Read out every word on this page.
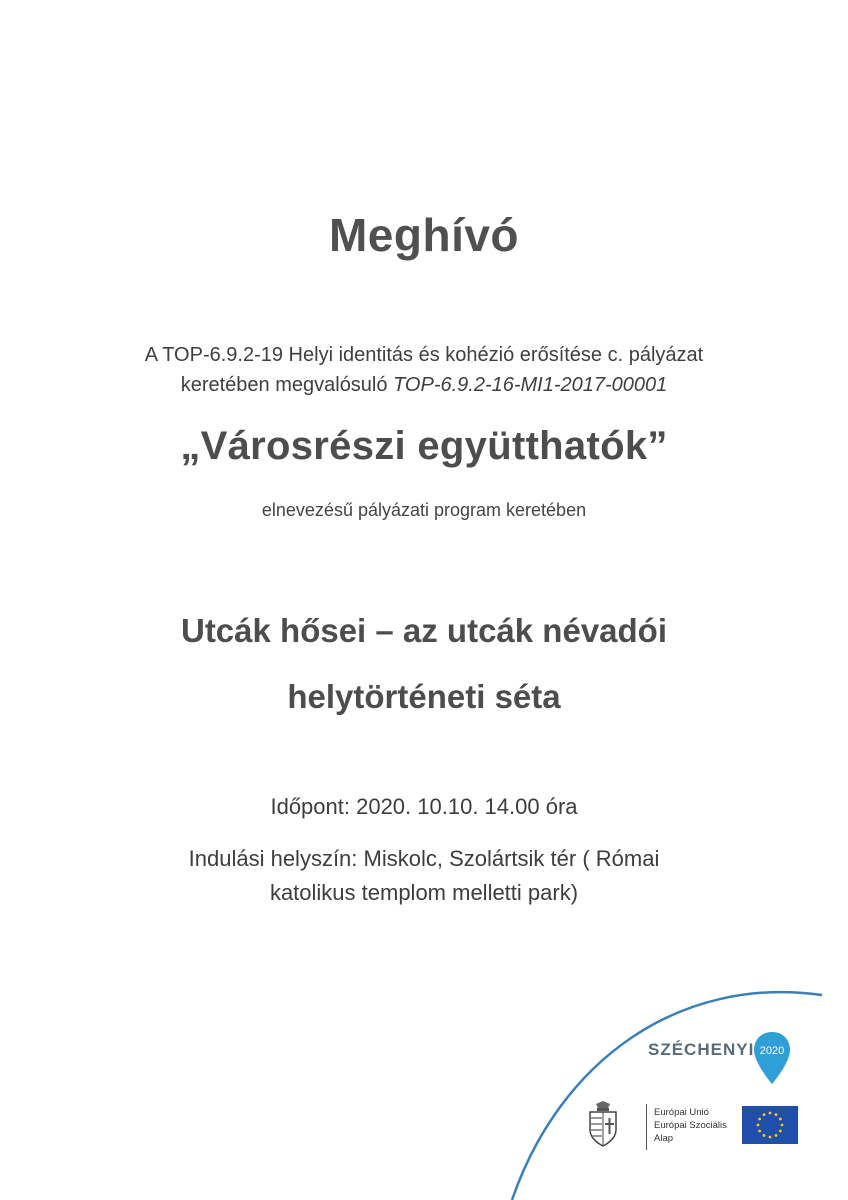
Meghívó
A TOP-6.9.2-19 Helyi identitás és kohézió erősítése c. pályázat
keretében megvalósuló TOP-6.9.2-16-MI1-2017-00001
„Városrészi együtthatók”
elnevezésű pályázati program keretében
Utcák hősei – az utcák névadói
helytörténeti séta
Időpont: 2020. 10.10. 14.00 óra
Indulási helyszín: Miskolc, Szolártsik tér ( Római
katolikus templom melletti park)
SZÉCHENYI 2020
Európai Unió
Európai Szociális
Alap
